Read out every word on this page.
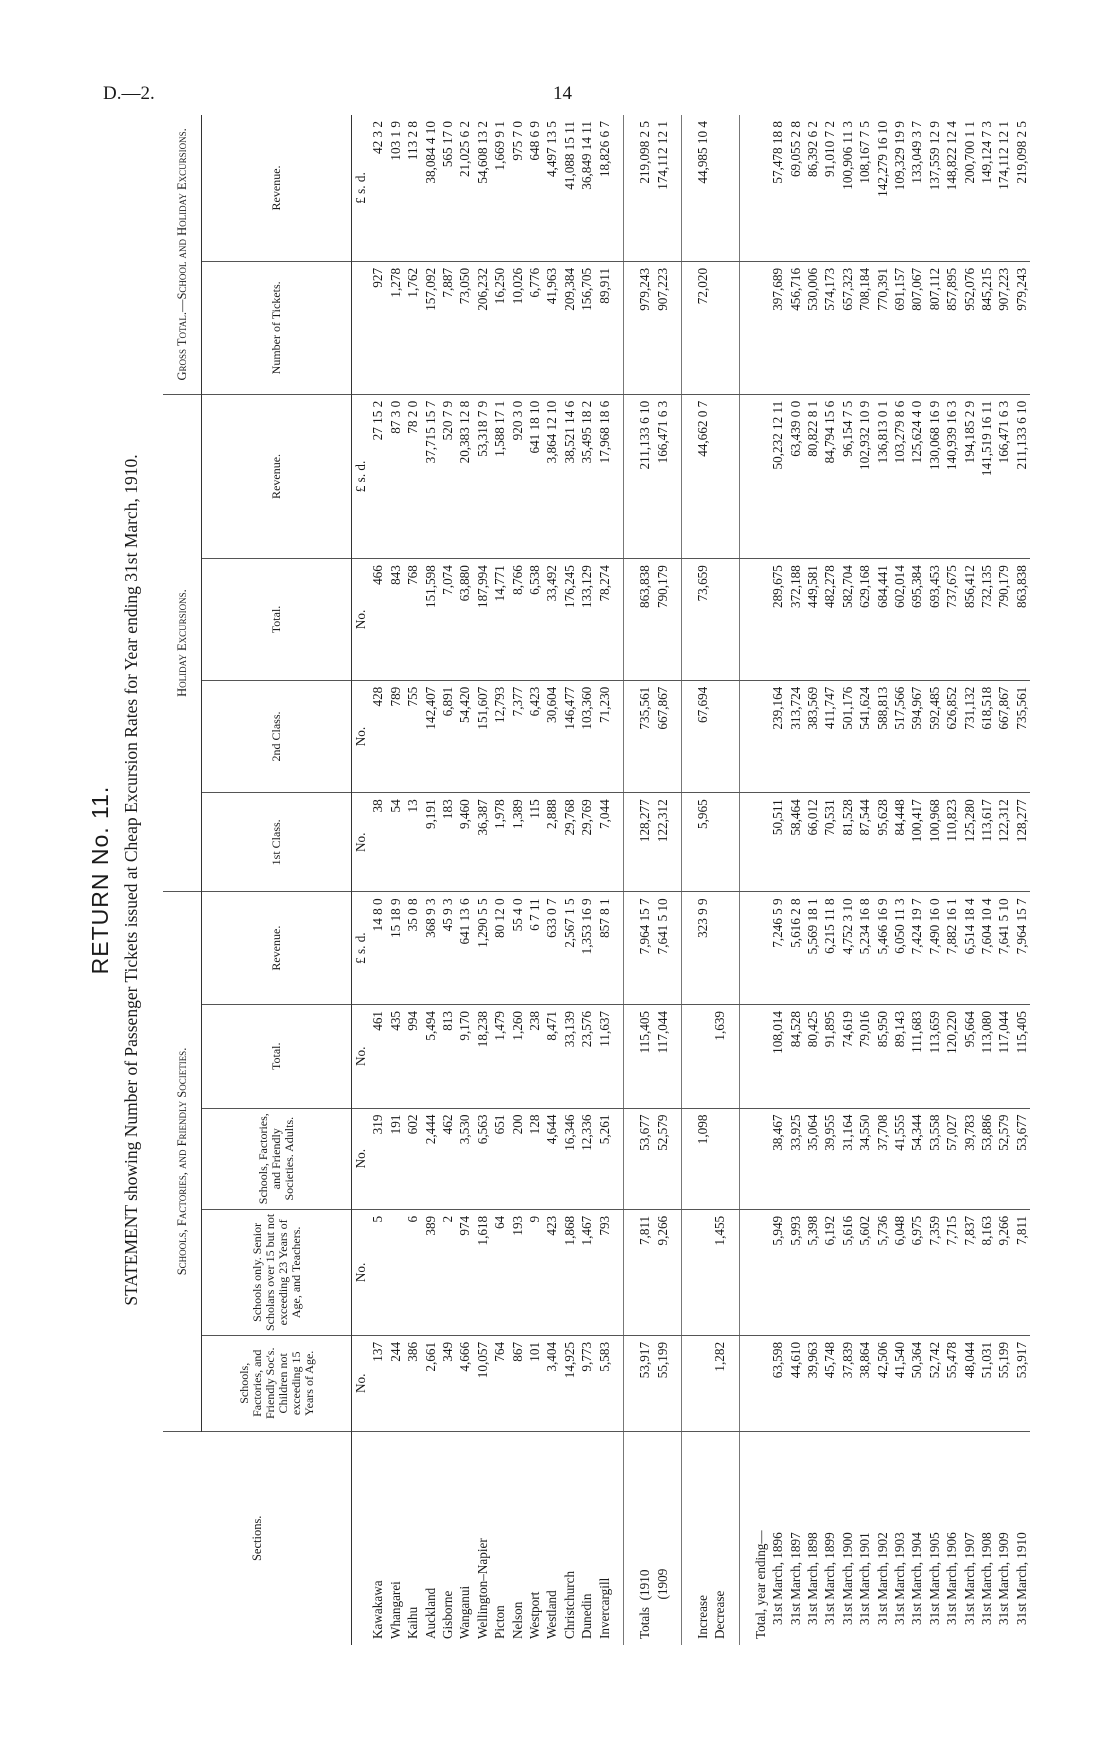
D.—2.	14
RETURN No. 11. STATEMENT showing Number of Passenger Tickets issued at Cheap Excursion Rates for Year ending 31st March, 1910.
Sections.	Schools, Factories, and Friendly Societies.					Holiday Excursions.				Gross Total.—School and Holiday Excursions.	
	Schools, Factories, and Friendly Soc's. Children not exceeding 15 Years of Age.	Schools only. Senior Scholars over 15 but not exceeding 23 Years of Age, and Teachers.	Schools, Factories, and Friendly Societies. Adults.	Total.	Revenue.	1st Class.	2nd Class.	Total.	Revenue.	Number of Tickets.	Revenue.
	No.	No.	No.	No.	£ s. d.	No.	No.	No.	£ s. d.		£ s. d.
Kawakawa	137	5	319	461	14 8 0	38	428	466	27 15 2	927	42 3 2
Whangarei	244		191	435	15 18 9	54	789	843	87 3 0	1,278	103 1 9
Kaihu	386	6	602	994	35 0 8	13	755	768	78 2 0	1,762	113 2 8
Auckland	2,661	389	2,444	5,494	368 9 3	9,191	142,407	151,598	37,715 15 7	157,092	38,084 4 10
Gisborne	349	2	462	813	45 9 3	183	6,891	7,074	520 7 9	7,887	565 17 0
Wanganui	4,666	974	3,530	9,170	641 13 6	9,460	54,420	63,880	20,383 12 8	73,050	21,025 6 2
Wellington–Napier	10,057	1,618	6,563	18,238	1,290 5 5	36,387	151,607	187,994	53,318 7 9	206,232	54,608 13 2
Picton	764	64	651	1,479	80 12 0	1,978	12,793	14,771	1,588 17 1	16,250	1,669 9 1
Nelson	867	193	200	1,260	55 4 0	1,389	7,377	8,766	920 3 0	10,026	975 7 0
Westport	101	9	128	238	6 7 11	115	6,423	6,538	641 18 10	6,776	648 6 9
Westland	3,404	423	4,644	8,471	633 0 7	2,888	30,604	33,492	3,864 12 10	41,963	4,497 13 5
Christchurch	14,925	1,868	16,346	33,139	2,567 1 5	29,768	146,477	176,245	38,521 14 6	209,384	41,088 15 11
Dunedin	9,773	1,467	12,336	23,576	1,353 16 9	29,769	103,360	133,129	35,495 18 2	156,705	36,849 14 11
Invercargill	5,583	793	5,261	11,637	857 8 1	7,044	71,230	78,274	17,968 18 6	89,911	18,826 6 7
Totals  (1910	53,917	7,811	53,677	115,405	7,964 15 7	128,277	735,561	863,838	211,133 6 10	979,243	219,098 2 5
(1909	55,199	9,266	52,579	117,044	7,641 5 10	122,312	667,867	790,179	166,471 6 3	907,223	174,112 12 1
Increase			1,098		323 9 9	5,965	67,694	73,659	44,662 0 7	72,020	44,985 10 4
Decrease	1,282	1,455		1,639							
Total, year ending—											
31st March, 1896	63,598	5,949	38,467	108,014	7,246 5 9	50,511	239,164	289,675	50,232 12 11	397,689	57,478 18 8
31st March, 1897	44,610	5,993	33,925	84,528	5,616 2 8	58,464	313,724	372,188	63,439 0 0	456,716	69,055 2 8
31st March, 1898	39,963	5,398	35,064	80,425	5,569 18 1	66,012	383,569	449,581	80,822 8 1	530,006	86,392 6 2
31st March, 1899	45,748	6,192	39,955	91,895	6,215 11 8	70,531	411,747	482,278	84,794 15 6	574,173	91,010 7 2
31st March, 1900	37,839	5,616	31,164	74,619	4,752 3 10	81,528	501,176	582,704	96,154 7 5	657,323	100,906 11 3
31st March, 1901	38,864	5,602	34,550	79,016	5,234 16 8	87,544	541,624	629,168	102,932 10 9	708,184	108,167 7 5
31st March, 1902	42,506	5,736	37,708	85,950	5,466 16 9	95,628	588,813	684,441	136,813 0 1	770,391	142,279 16 10
31st March, 1903	41,540	6,048	41,555	89,143	6,050 11 3	84,448	517,566	602,014	103,279 8 6	691,157	109,329 19 9
31st March, 1904	50,364	6,975	54,344	111,683	7,424 19 7	100,417	594,967	695,384	125,624 4 0	807,067	133,049 3 7
31st March, 1905	52,742	7,359	53,558	113,659	7,490 16 0	100,968	592,485	693,453	130,068 16 9	807,112	137,559 12 9
31st March, 1906	55,478	7,715	57,027	120,220	7,882 16 1	110,823	626,852	737,675	140,939 16 3	857,895	148,822 12 4
31st March, 1907	48,044	7,837	39,783	95,664	6,514 18 4	125,280	731,132	856,412	194,185 2 9	952,076	200,700 1 1
31st March, 1908	51,031	8,163	53,886	113,080	7,604 10 4	113,617	618,518	732,135	141,519 16 11	845,215	149,124 7 3
31st March, 1909	55,199	9,266	52,579	117,044	7,641 5 10	122,312	667,867	790,179	166,471 6 3	907,223	174,112 12 1
31st March, 1910	53,917	7,811	53,677	115,405	7,964 15 7	128,277	735,561	863,838	211,133 6 10	979,243	219,098 2 5
